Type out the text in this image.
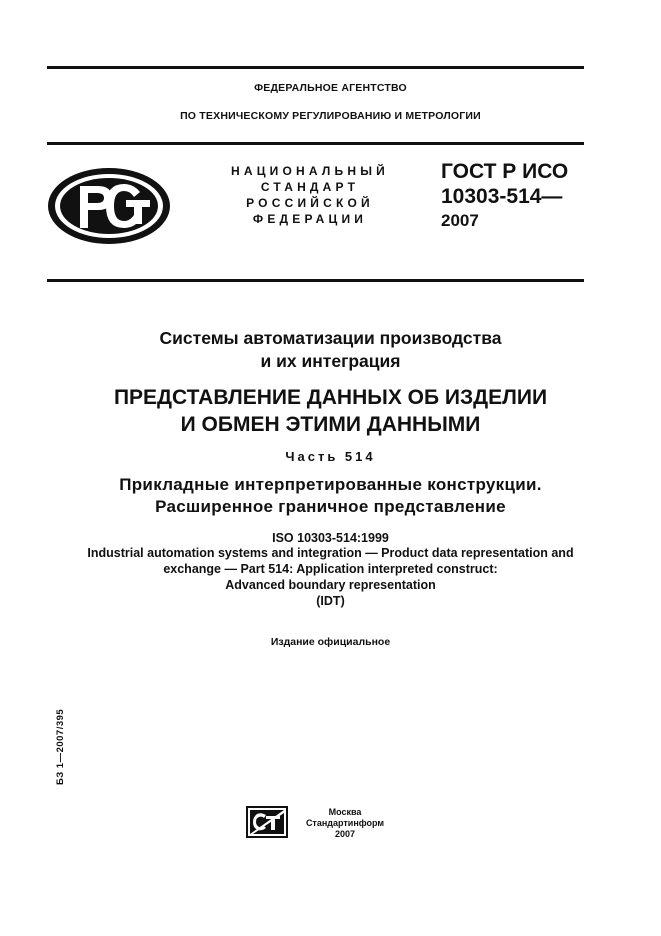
ФЕДЕРАЛЬНОЕ АГЕНТСТВО
ПО ТЕХНИЧЕСКОМУ РЕГУЛИРОВАНИЮ И МЕТРОЛОГИИ
НАЦИОНАЛЬНЫЙ
СТАНДАРТ
РОССИЙСКОЙ
ФЕДЕРАЦИИ
ГОСТ Р ИСО
10303-514—
2007
Системы автоматизации производства
и их интеграция
ПРЕДСТАВЛЕНИЕ ДАННЫХ ОБ ИЗДЕЛИИ
И ОБМЕН ЭТИМИ ДАННЫМИ
Часть 514
Прикладные интерпретированные конструкции.
Расширенное граничное представление
ISO 10303-514:1999
Industrial automation systems and integration — Product data representation and
exchange — Part 514: Application interpreted construct:
Advanced boundary representation
(IDT)
Издание официальное
БЗ 1—2007/395
Москва
Стандартинформ
2007
